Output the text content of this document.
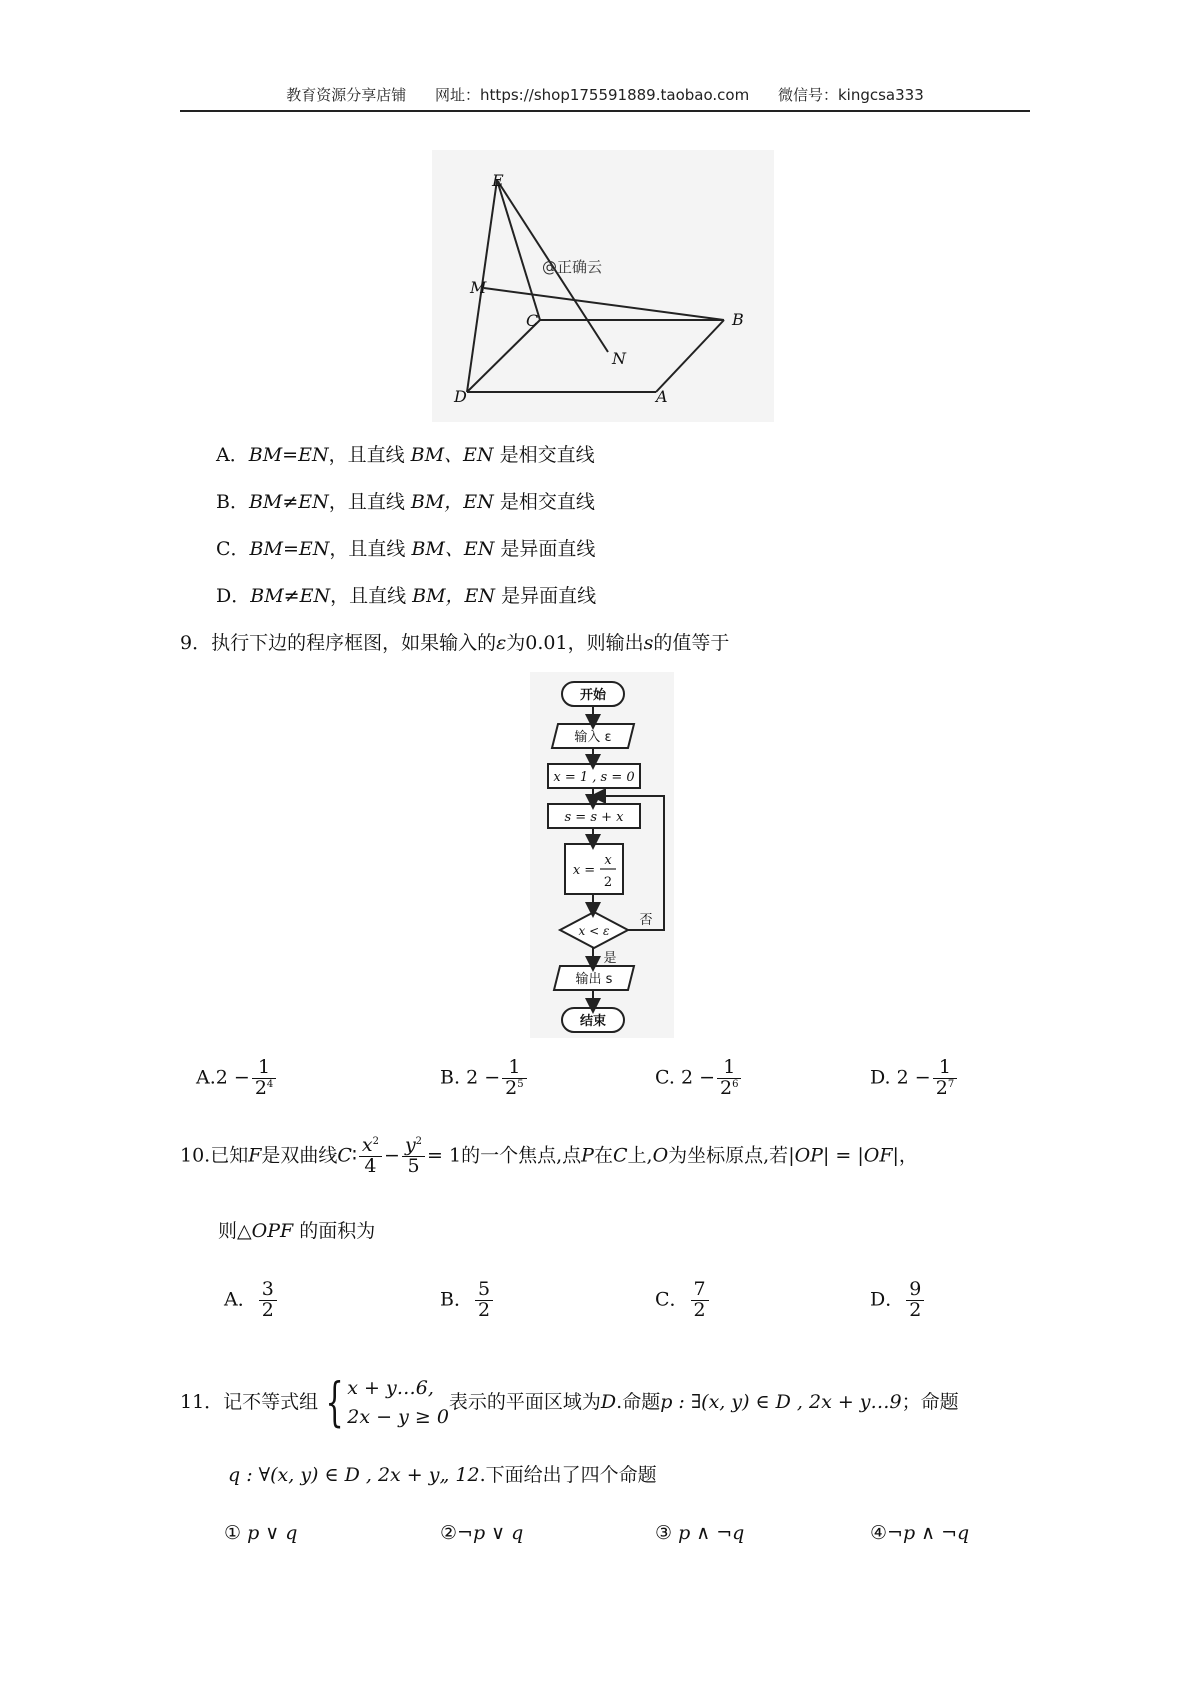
教育资源分享店铺 网址：https://shop175591889.taobao.com 微信号：kingcsa333
E
M
C	B
N
D	A
@正确云
A．BM=EN，且直线 BM、EN 是相交直线
B．BM≠EN，且直线 BM，EN 是相交直线
C．BM=EN，且直线 BM、EN 是异面直线
D．BM≠EN，且直线 BM，EN 是异面直线
9．执行下边的程序框图，如果输入的ε为0.01，则输出s的值等于
开始
输入 ε
x = 1 , s = 0
s = s + x
x =
x
2
x < ε
否
是
输出 s
结束
$A.2 - \frac{1}{2^4}$	B. $2 - \frac{1}{2^5}$	C. $2 - \frac{1}{2^6}$	D. $2 - \frac{1}{2^7}$
10.已知F是双曲线C∶ $\frac{x^2}{4} - \frac{y^2}{5} = 1$的一个焦点,点P在C上,O为坐标原点,若|OP| = |OF|，
则△OPF 的面积为
A． $\frac{3}{2}$	B． $\frac{5}{2}$	C． $\frac{7}{2}$	D． $\frac{9}{2}$
11．记不等式组 { x + y…6,
2x − y ≥ 0
表示的平面区域为D.命题p : ∃(x, y) ∈ D , 2x + y…9；命题
q : ∀(x, y) ∈ D , 2x + y„ 12.下面给出了四个命题
① p ∨ q	②¬p ∨ q	③ p ∧ ¬q	④¬p ∧ ¬q
